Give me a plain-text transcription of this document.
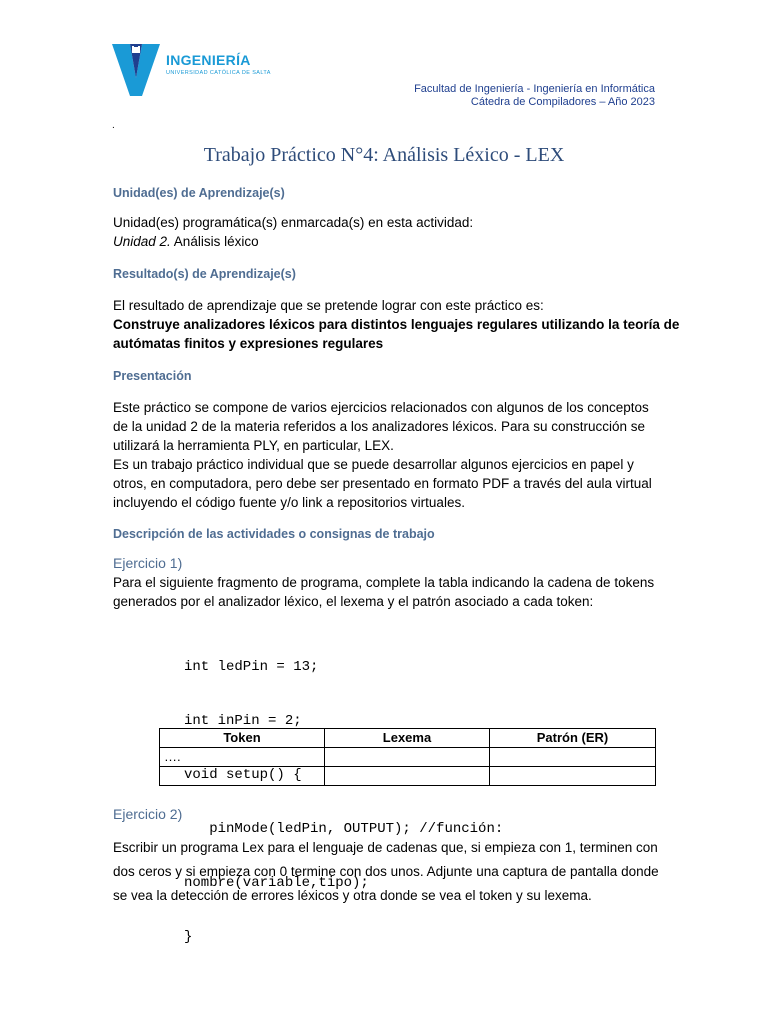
INGENIERÍA
UNIVERSIDAD CATÓLICA DE SALTA
Facultad de Ingeniería - Ingeniería en Informática
Cátedra de Compiladores – Año 2023
.
Trabajo Práctico N°4: Análisis Léxico - LEX
Unidad(es) de Aprendizaje(s)
Unidad(es) programática(s) enmarcada(s) en esta actividad:
Unidad 2. Análisis léxico
Resultado(s) de Aprendizaje(s)
El resultado de aprendizaje que se pretende lograr con este práctico es:
Construye analizadores léxicos para distintos lenguajes regulares utilizando la teoría de
autómatas finitos y expresiones regulares
Presentación
Este práctico se compone de varios ejercicios relacionados con algunos de los conceptos
de la unidad 2 de la materia referidos a los analizadores léxicos. Para su construcción se
utilizará la herramienta PLY, en particular, LEX.
Es un trabajo práctico individual que se puede desarrollar algunos ejercicios en papel y
otros, en computadora, pero debe ser presentado en formato PDF a través del aula virtual
incluyendo el código fuente y/o link a repositorios virtuales.
Descripción de las actividades o consignas de trabajo
Ejercicio 1)
Para el siguiente fragmento de programa, complete la tabla indicando la cadena de tokens
generados por el analizador léxico, el lexema y el patrón asociado a cada token:

int ledPin = 13;

int inPin = 2;

void setup() {

pinMode(ledPin, OUTPUT); //función:

nombre(variable,tipo);

}

Token	Lexema	Patrón (ER)
….		

Ejercicio 2)
Escribir un programa Lex para el lenguaje de cadenas que, si empieza con 1, terminen con
dos ceros y si empieza con 0 termine con dos unos. Adjunte una captura de pantalla donde
se vea la detección de errores léxicos y otra donde se vea el token y su lexema.
